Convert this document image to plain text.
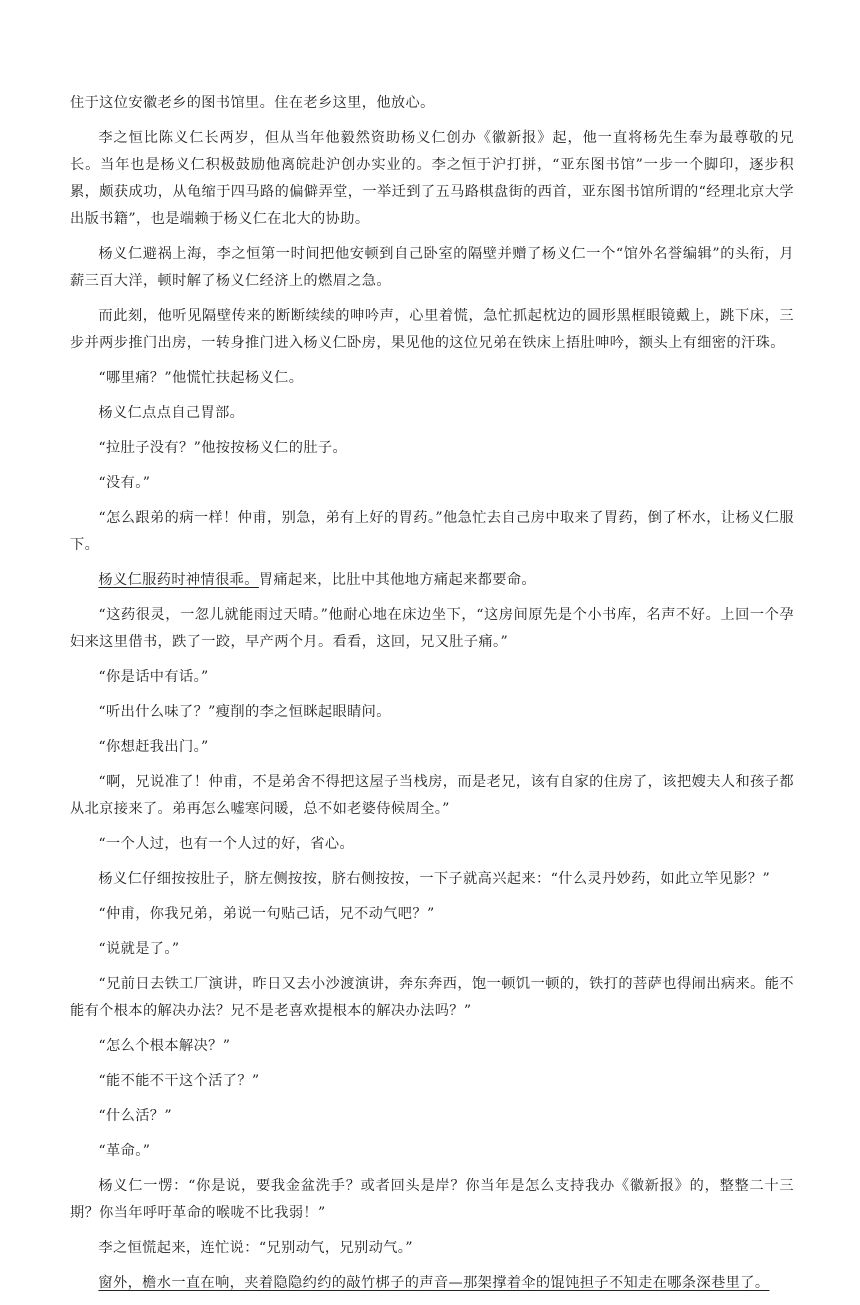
住于这位安徽老乡的图书馆里。住在老乡这里，他放心。

李之恒比陈义仁长两岁，但从当年他毅然资助杨义仁创办《徽新报》起，他一直将杨先生奉为最尊敬的兄长。当年也是杨义仁积极鼓励他离皖赴沪创办实业的。李之恒于沪打拼，“亚东图书馆”一步一个脚印，逐步积累，颇获成功，从龟缩于四马路的偏僻弄堂，一举迁到了五马路棋盘街的西首，亚东图书馆所谓的“经理北京大学出版书籍”，也是端赖于杨义仁在北大的协助。

杨义仁避祸上海，李之恒第一时间把他安顿到自己卧室的隔壁并赠了杨义仁一个“馆外名誉编辑”的头衔，月薪三百大洋，顿时解了杨义仁经济上的燃眉之急。

而此刻，他听见隔壁传来的断断续续的呻吟声，心里着慌，急忙抓起枕边的圆形黑框眼镜戴上，跳下床，三步并两步推门出房，一转身推门进入杨义仁卧房，果见他的这位兄弟在铁床上捂肚呻吟，额头上有细密的汗珠。

“哪里痛？”他慌忙扶起杨义仁。

杨义仁点点自己胃部。

“拉肚子没有？”他按按杨义仁的肚子。

“没有。”

“怎么跟弟的病一样！仲甫，别急，弟有上好的胃药。”他急忙去自己房中取来了胃药，倒了杯水，让杨义仁服下。

杨义仁服药时神情很乖。胃痛起来，比肚中其他地方痛起来都要命。

“这药很灵，一忽儿就能雨过天晴。”他耐心地在床边坐下，“这房间原先是个小书库，名声不好。上回一个孕妇来这里借书，跌了一跤，早产两个月。看看，这回，兄又肚子痛。”

“你是话中有话。”

“听出什么味了？”瘦削的李之恒眯起眼睛问。

“你想赶我出门。”

“啊，兄说准了！仲甫，不是弟舍不得把这屋子当栈房，而是老兄，该有自家的住房了，该把嫂夫人和孩子都从北京接来了。弟再怎么嘘寒问暖，总不如老婆侍候周全。”

“一个人过，也有一个人过的好，省心。

杨义仁仔细按按肚子，脐左侧按按，脐右侧按按，一下子就高兴起来：“什么灵丹妙药，如此立竿见影？”

“仲甫，你我兄弟，弟说一句贴己话，兄不动气吧？”

“说就是了。”

“兄前日去铁工厂演讲，昨日又去小沙渡演讲，奔东奔西，饱一顿饥一顿的，铁打的菩萨也得闹出病来。能不能有个根本的解决办法？兄不是老喜欢提根本的解决办法吗？”

“怎么个根本解决？”

“能不能不干这个活了？”

“什么活？”

“革命。”

杨义仁一愣：“你是说，要我金盆洗手？或者回头是岸？你当年是怎么支持我办《徽新报》的，整整二十三期？你当年呼吁革命的喉咙不比我弱！”

李之恒慌起来，连忙说：“兄别动气，兄别动气。”

窗外，檐水一直在响，夹着隐隐约约的敲竹梆子的声音—那架撑着伞的馄饨担子不知走在哪条深巷里了。
